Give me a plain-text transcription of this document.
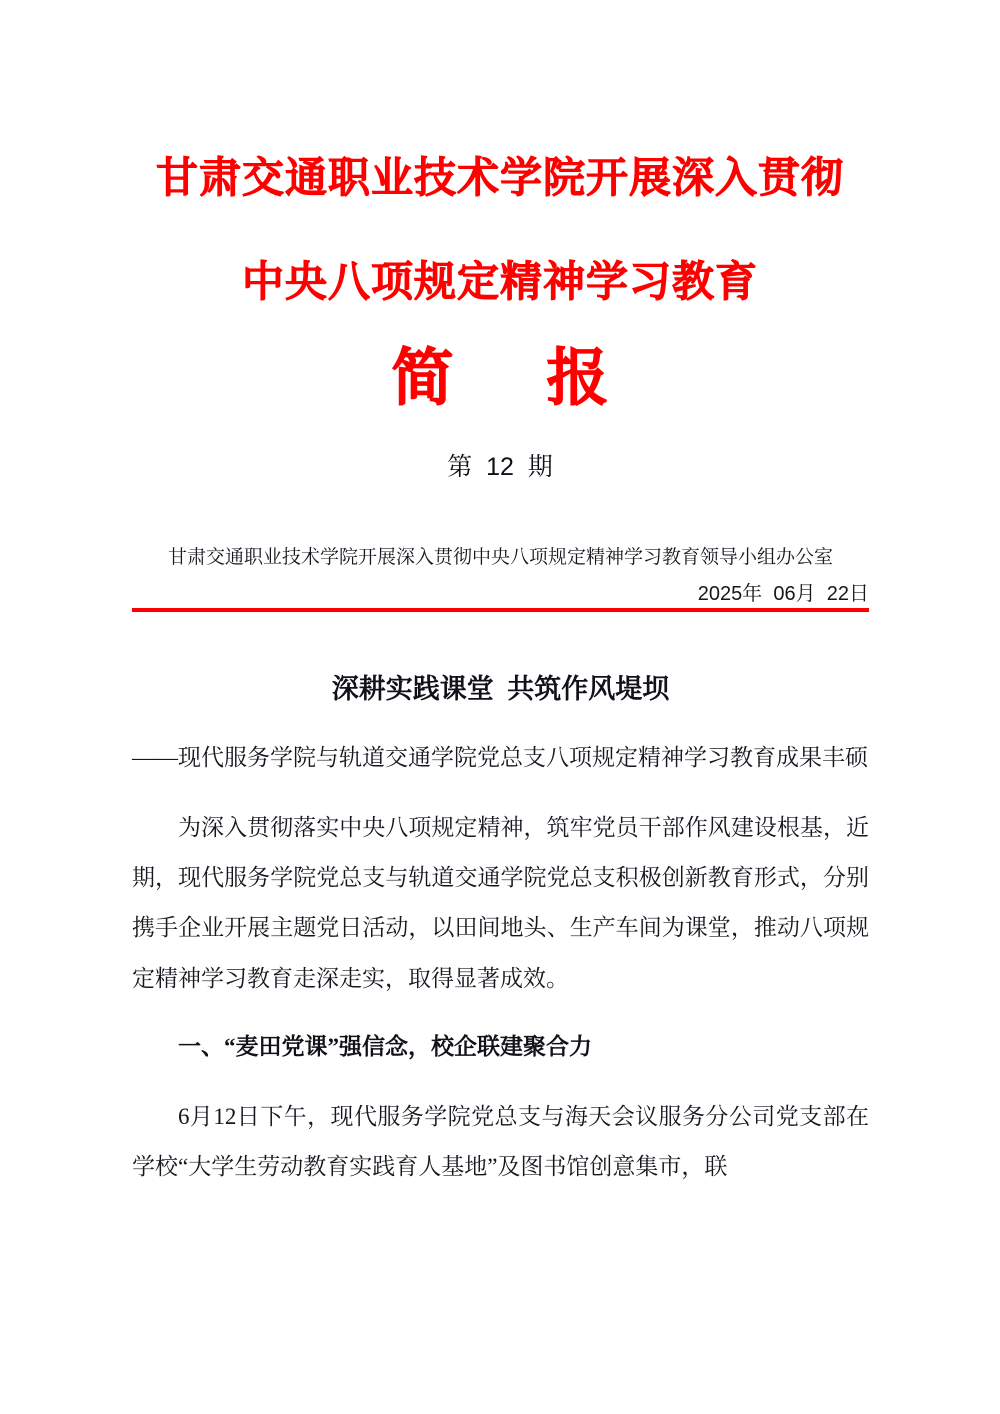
甘肃交通职业技术学院开展深入贯彻
中央八项规定精神学习教育
简      报
第  12  期
甘肃交通职业技术学院开展深入贯彻中央八项规定精神学习教育领导小组办公室
2025年  06月  22日
深耕实践课堂  共筑作风堤坝
——现代服务学院与轨道交通学院党总支八项规定精神学习教育成果丰硕
为深入贯彻落实中央八项规定精神，筑牢党员干部作风建设根基，近期，现代服务学院党总支与轨道交通学院党总支积极创新教育形式，分别携手企业开展主题党日活动，以田间地头、生产车间为课堂，推动八项规定精神学习教育走深走实，取得显著成效。
一、“麦田党课”强信念，校企联建聚合力
6月12日下午，现代服务学院党总支与海天会议服务分公司党支部在学校“大学生劳动教育实践育人基地”及图书馆创意集市，联
